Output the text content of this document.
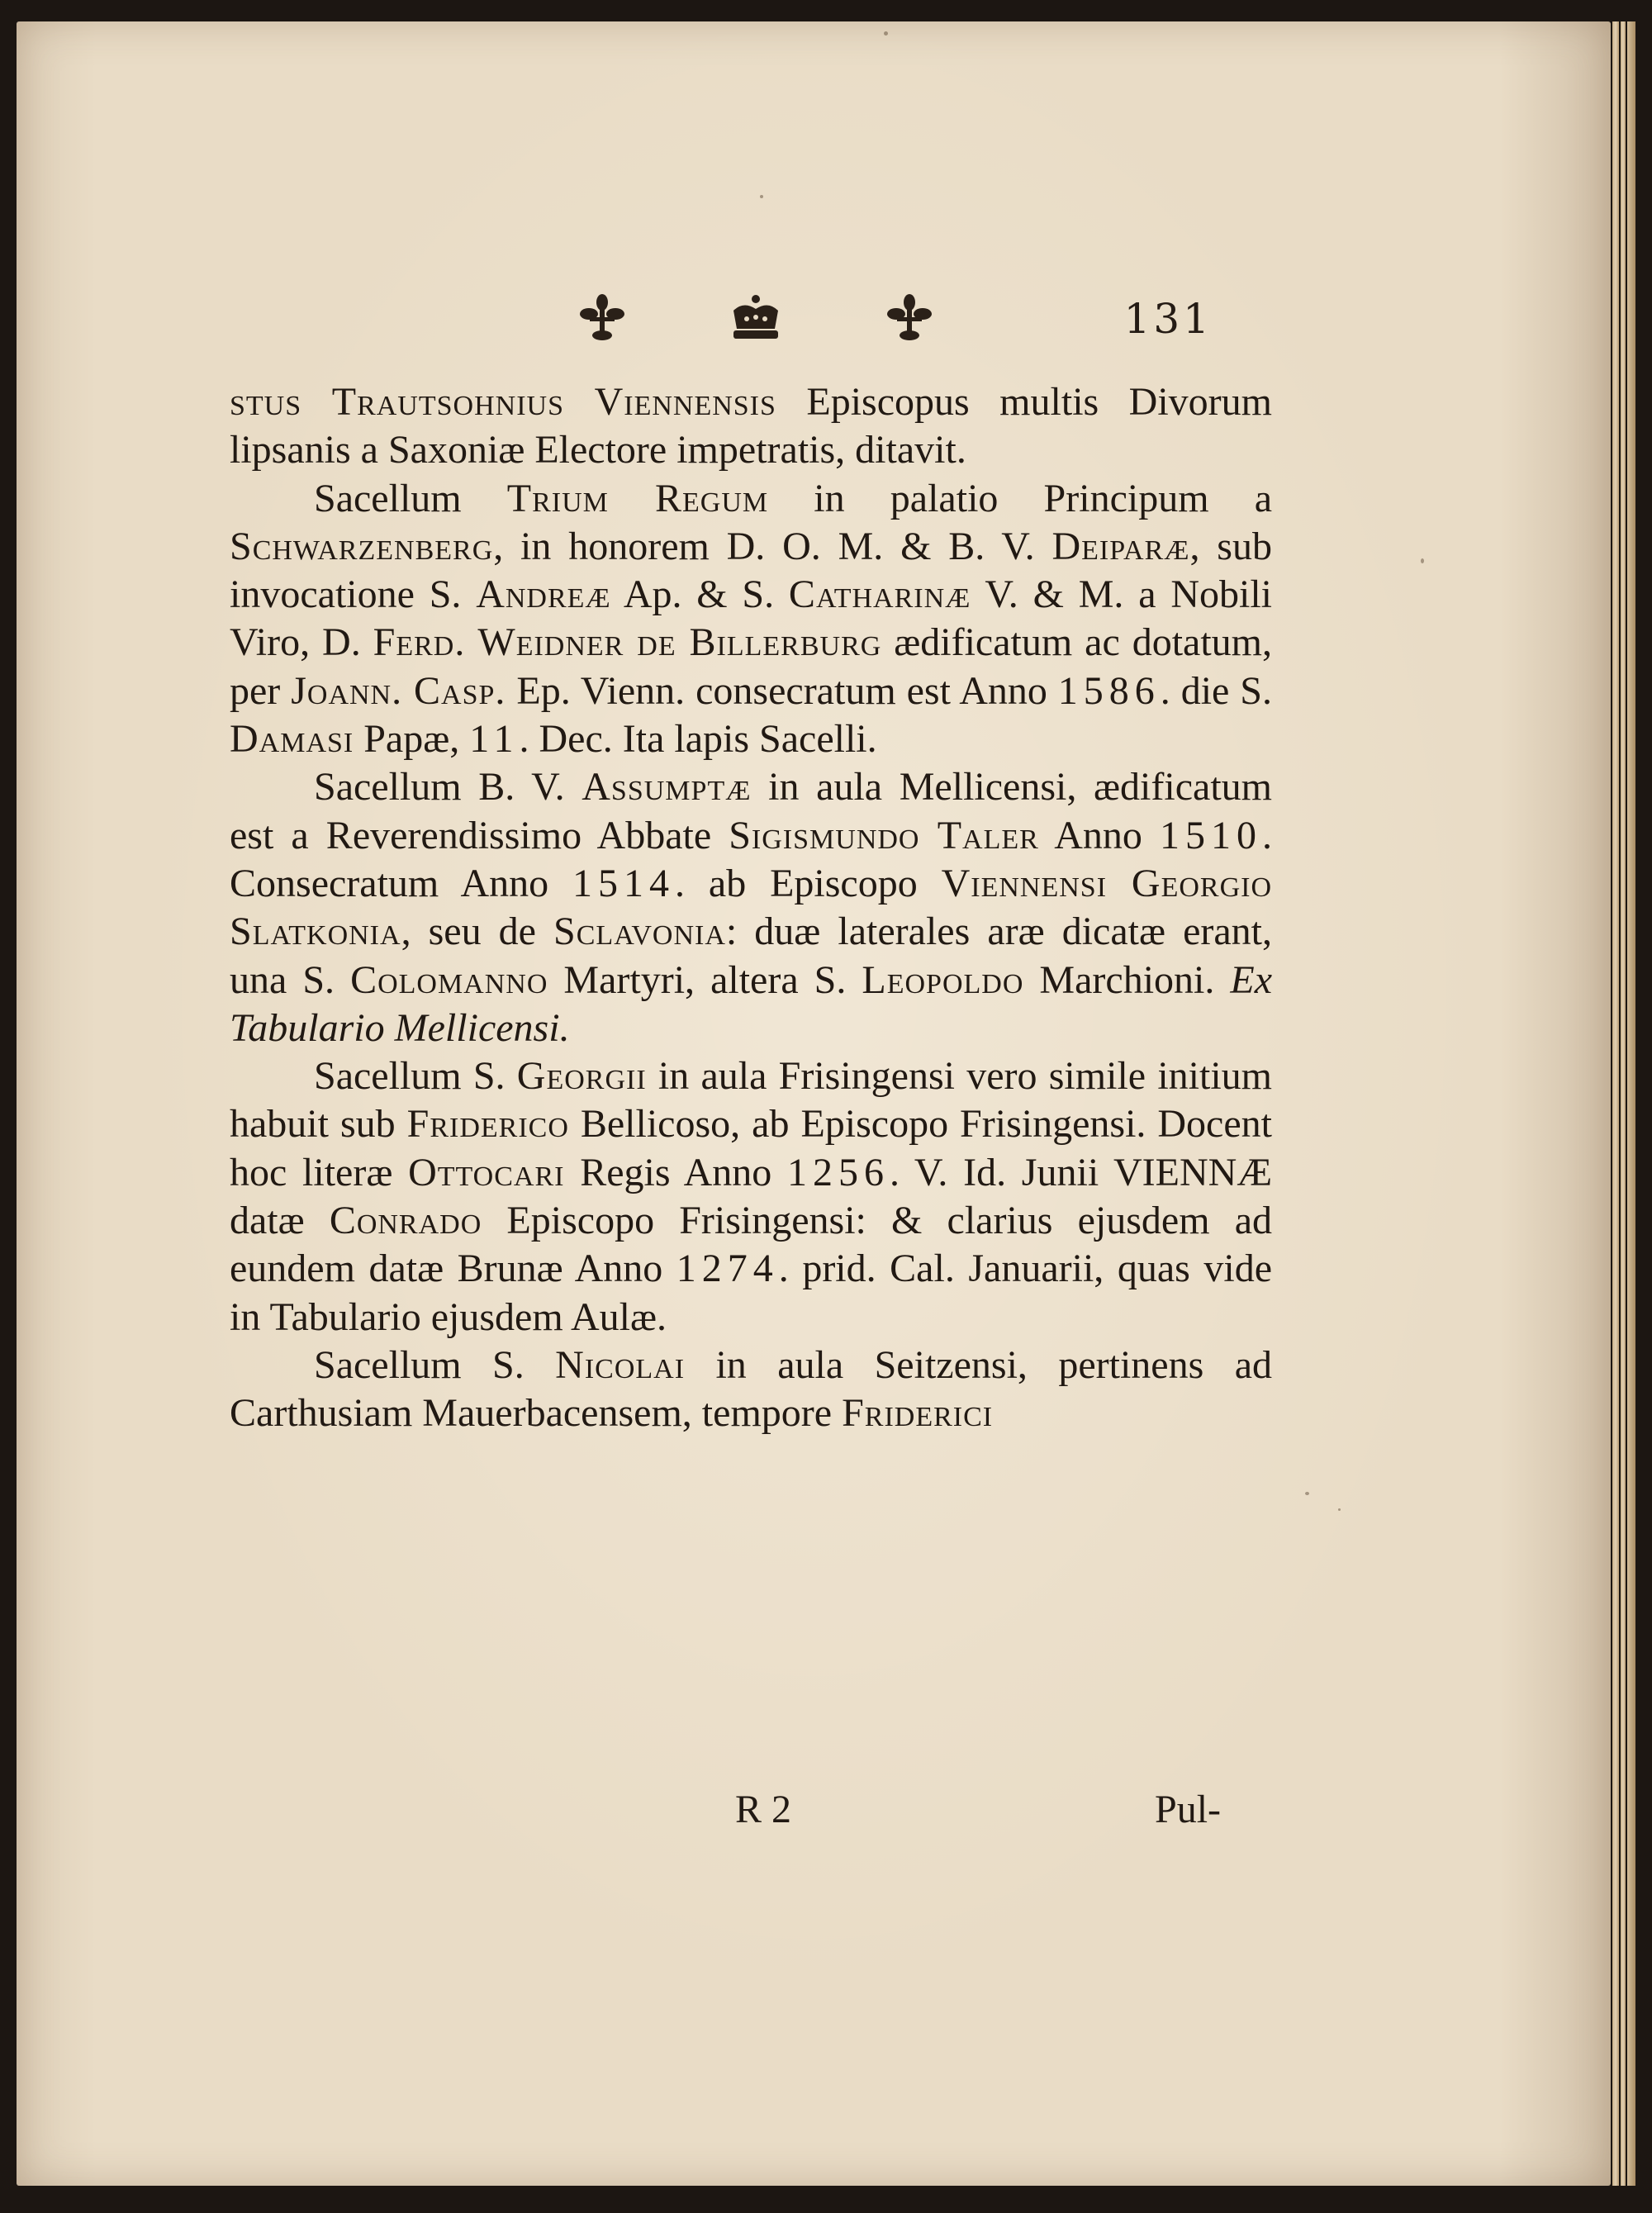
131

stus Trautsohnius Viennensis Episcopus multis Divorum lipsanis a Saxoniæ Electore impetratis, ditavit.

Sacellum Trium Regum in palatio Principum a Schwarzenberg, in honorem D. O. M. & B. V. Deiparæ, sub invocatione S. Andreæ Ap. & S. Catharinæ V. & M. a Nobili Viro, D. Ferd. Weidner de Billerburg ædificatum ac dotatum, per Joann. Casp. Ep. Vienn. consecratum est Anno 1586. die S. Damasi Papæ, 11. Dec. Ita lapis Sacelli.

Sacellum B. V. Assumptæ in aula Mellicensi, ædificatum est a Reverendissimo Abbate Sigismundo Taler Anno 1510. Consecratum Anno 1514. ab Episcopo Viennensi Georgio Slatkonia, seu de Sclavonia: duæ laterales aræ dicatæ erant, una S. Colomanno Martyri, altera S. Leopoldo Marchioni. Ex Tabulario Mellicensi.

Sacellum S. Georgii in aula Frisingensi vero simile initium habuit sub Friderico Bellicoso, ab Episcopo Frisingensi. Docent hoc literæ Ottocari Regis Anno 1256. V. Id. Junii VIENNÆ datæ Conrado Episcopo Frisingensi: & clarius ejusdem ad eundem datæ Brunæ Anno 1274. prid. Cal. Januarii, quas vide in Tabulario ejusdem Aulæ.

Sacellum S. Nicolai in aula Seitzensi, pertinens ad Carthusiam Mauerbacensem, tempore Friderici

R 2	Pul-
